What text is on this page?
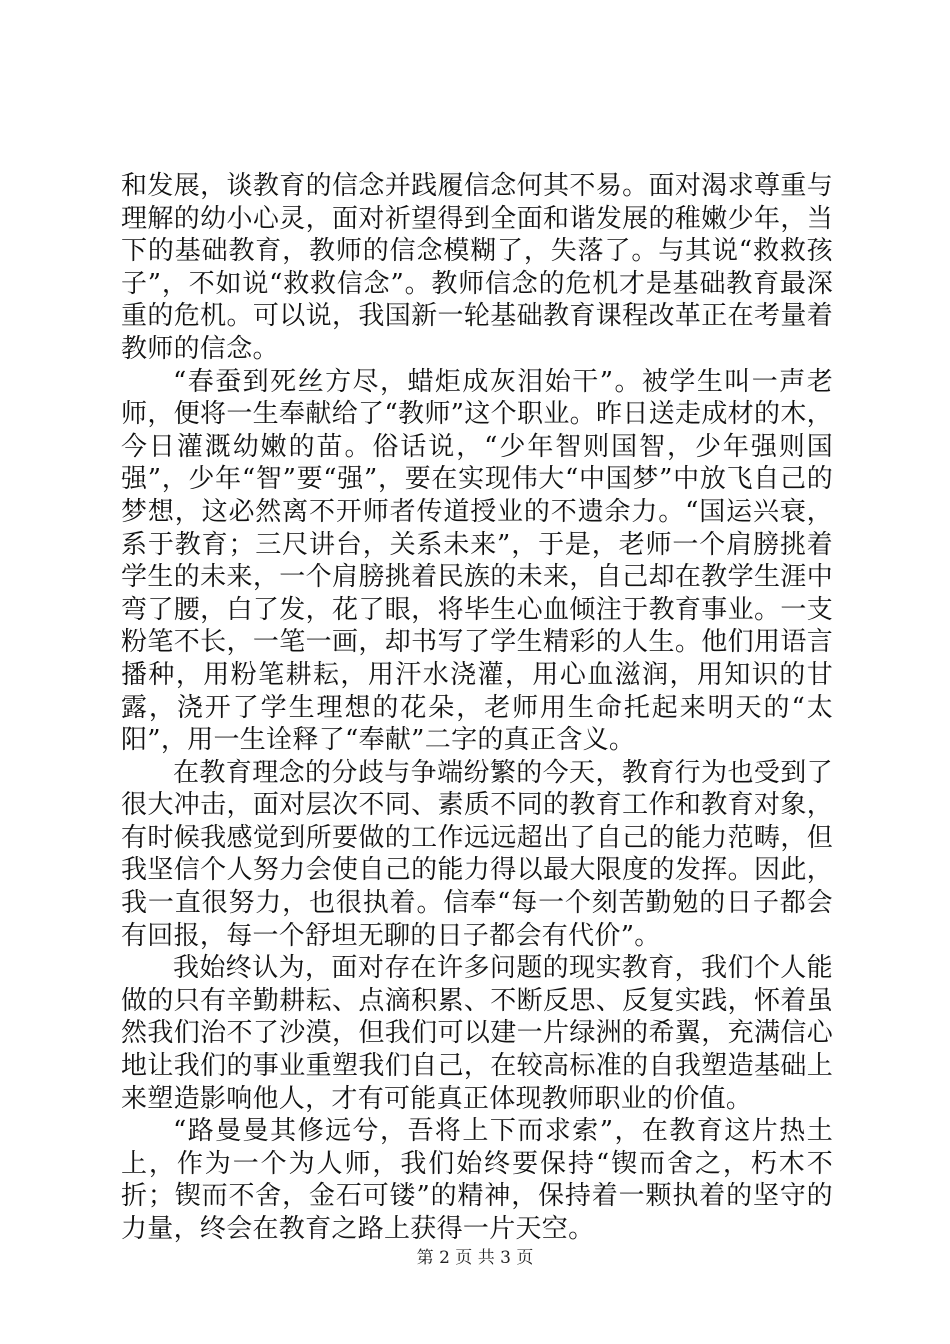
和发展，谈教育的信念并践履信念何其不易。面对渴求尊重与理解的幼小心灵，面对祈望得到全面和谐发展的稚嫩少年，当下的基础教育，教师的信念模糊了，失落了。与其说“救救孩子”，不如说“救救信念”。教师信念的危机才是基础教育最深重的危机。可以说，我国新一轮基础教育课程改革正在考量着教师的信念。

“春蚕到死丝方尽，蜡炬成灰泪始干”。被学生叫一声老师，便将一生奉献给了“教师”这个职业。昨日送走成材的木，今日灌溉幼嫩的苗。俗话说，“少年智则国智，少年强则国强”，少年“智”要“强”，要在实现伟大“中国梦”中放飞自己的梦想，这必然离不开师者传道授业的不遗余力。“国运兴衰，系于教育；三尺讲台，关系未来”，于是，老师一个肩膀挑着学生的未来，一个肩膀挑着民族的未来，自己却在教学生涯中弯了腰，白了发，花了眼，将毕生心血倾注于教育事业。一支粉笔不长，一笔一画，却书写了学生精彩的人生。他们用语言播种，用粉笔耕耘，用汗水浇灌，用心血滋润，用知识的甘露，浇开了学生理想的花朵，老师用生命托起来明天的“太阳”，用一生诠释了“奉献”二字的真正含义。

在教育理念的分歧与争端纷繁的今天，教育行为也受到了很大冲击，面对层次不同、素质不同的教育工作和教育对象，有时候我感觉到所要做的工作远远超出了自己的能力范畴，但我坚信个人努力会使自己的能力得以最大限度的发挥。因此，我一直很努力，也很执着。信奉“每一个刻苦勤勉的日子都会有回报，每一个舒坦无聊的日子都会有代价”。

我始终认为，面对存在许多问题的现实教育，我们个人能做的只有辛勤耕耘、点滴积累、不断反思、反复实践，怀着虽然我们治不了沙漠，但我们可以建一片绿洲的希翼，充满信心地让我们的事业重塑我们自己，在较高标准的自我塑造基础上来塑造影响他人，才有可能真正体现教师职业的价值。

“路曼曼其修远兮，吾将上下而求索”，在教育这片热土上，作为一个为人师，我们始终要保持“锲而舍之，朽木不折；锲而不舍，金石可镂”的精神，保持着一颗执着的坚守的力量，终会在教育之路上获得一片天空。

第 2 页 共 3 页
